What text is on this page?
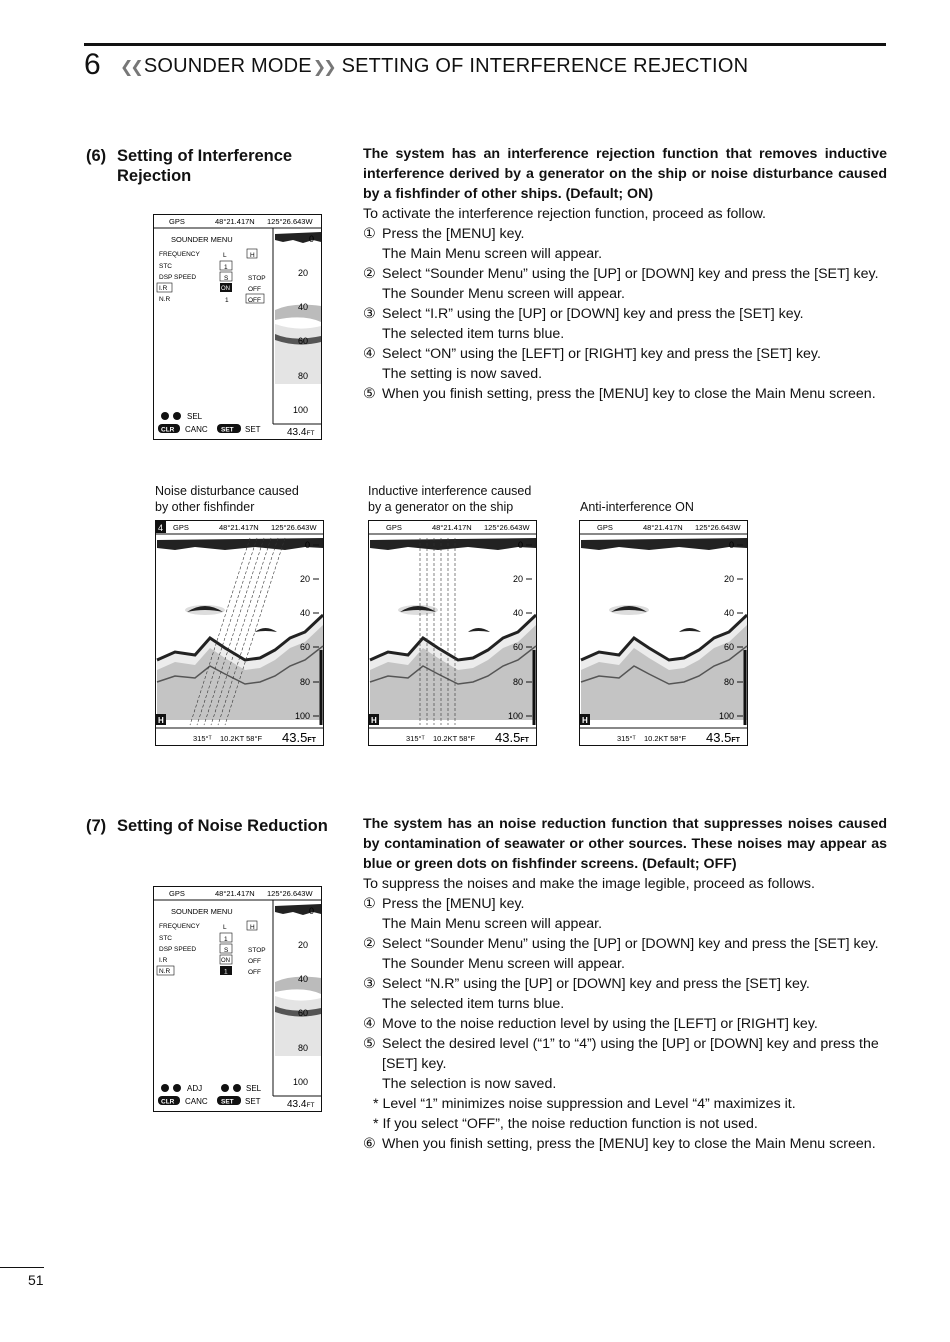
6 ❮❮ SOUNDER MODE❯❯ SETTING OF INTERFERENCE REJECTION
(6) Setting of Interference
Rejection

The system has an interference rejection function that removes inductive interference derived by a generator on the ship or noise disturbance caused by a fishfinder of other ships. (Default; ON)

To activate the interference rejection function, proceed as follow.

① Press the [MENU] key.
The Main Menu screen will appear.
② Select “Sounder Menu” using the [UP] or [DOWN] key and press the [SET] key.
The Sounder Menu screen will appear.
③ Select “I.R” using the [UP] or [DOWN] key and press the [SET] key.
The selected item turns blue.
④ Select “ON” using the [LEFT] or [RIGHT] key and press the [SET] key.
The setting is now saved.
⑤ When you finish setting, press the [MENU] key to close the Main Menu screen.
GPS	48°21.417N 125°26.643W
0
20
40
60
80
100
43.4FT
SOUNDER MENU
FREQUENCY	L	H
STC	1
DSP SPEED	S	STOP
I.R	ON	OFF
N.R	1	OFF
SEL
CLR CANC SET SET
Noise disturbance caused
by other fishfinder
Inductive interference caused
by a generator on the ship	Anti-interference ON
4 GPS	48°21.417N 125°26.643W
0
20
40
60
80
100
H
315°ᵀ 10.2KT 58°F 43.5FT
GPS	48°21.417N 125°26.643W
0
20
40
60
80
100
H
315°ᵀ 10.2KT 58°F 43.5FT
GPS	48°21.417N 125°26.643W
0
20
40
60
80
100
H
315°ᵀ 10.2KT 58°F 43.5FT
(7) Setting of Noise Reduction	The system has an noise reduction function that suppresses noises caused by contamination of seawater or other sources. These noises may appear as blue or green dots on fishfinder screens. (Default; OFF)

To suppress the noises and make the image legible, proceed as follows.

① Press the [MENU] key.
The Main Menu screen will appear.
② Select “Sounder Menu” using the [UP] or [DOWN] key and press the [SET] key.
The Sounder Menu screen will appear.
③ Select “N.R” using the [UP] or [DOWN] key and press the [SET] key.
The selected item turns blue.
④ Move to the noise reduction level by using the [LEFT] or [RIGHT] key.
⑤ Select the desired level (“1” to “4”) using the [UP] or [DOWN] key and press the [SET] key.
The selection is now saved.
* Level “1” minimizes noise suppression and Level “4” maximizes it.
* If you select “OFF”, the noise reduction function is not used.
⑥ When you finish setting, press the [MENU] key to close the Main Menu screen.
GPS	48°21.417N 125°26.643W
0
20
40
60
80
100
43.4FT
SOUNDER MENU
FREQUENCY	L	H
STC	1
DSP SPEED	S	STOP
I.R	ON	OFF
N.R	1	OFF
ADJ	SEL
CLR CANC SET SET
51
